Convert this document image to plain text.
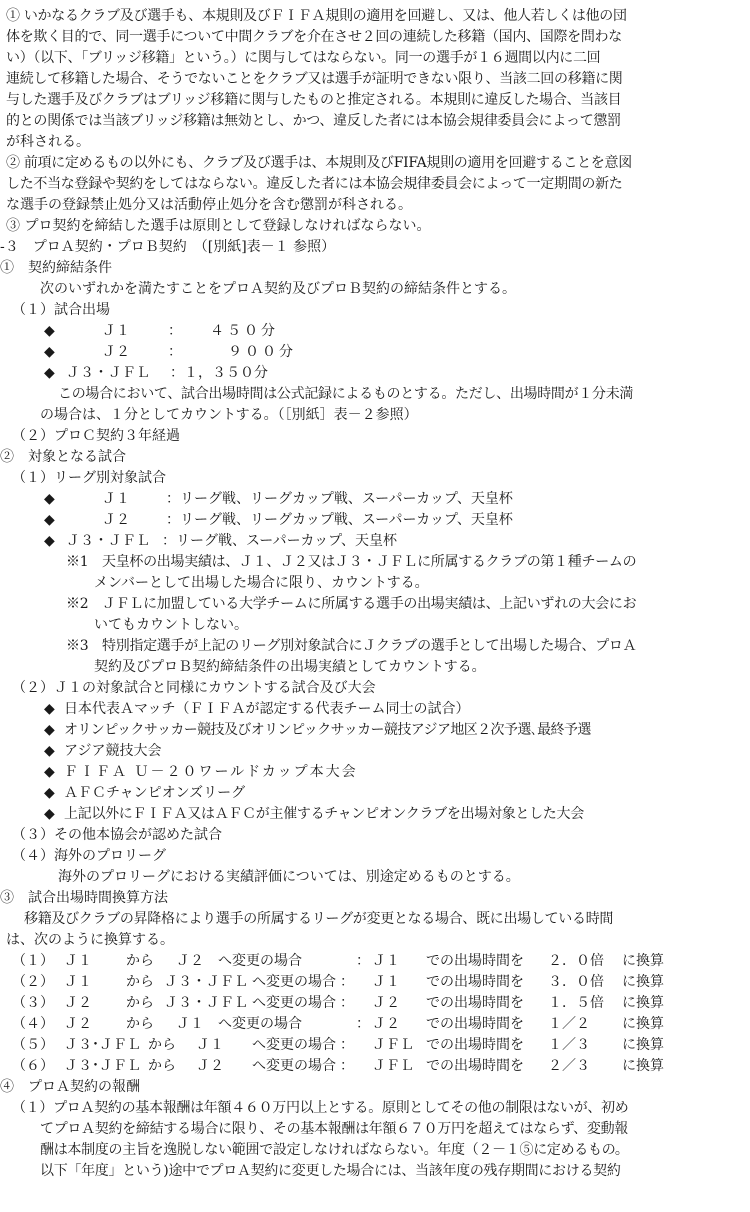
① いかなるクラブ及び選手も、本規則及びＦＩＦＡ規則の適用を回避し、又は、他人若しくは他の団
体を欺く目的で、同一選手について中間クラブを介在させ２回の連続した移籍（国内、国際を問わな
い）（以下、「ブリッジ移籍」という。）に関与してはならない。同一の選手が１６週間以内に二回
連続して移籍した場合、そうでないことをクラブ又は選手が証明できない限り、当該二回の移籍に関
与した選手及びクラブはブリッジ移籍に関与したものと推定される。本規則に違反した場合、当該目
的との関係では当該ブリッジ移籍は無効とし、かつ、違反した者には本協会規律委員会によって懲罰
が科される。
② 前項に定めるもの以外にも、クラブ及び選手は、本規則及びFIFA規則の適用を回避することを意図
した不当な登録や契約をしてはならない。違反した者には本協会規律委員会によって一定期間の新た
な選手の登録禁止処分又は活動停止処分を含む懲罰が科される。
③ プロ契約を締結した選手は原則として登録しなければならない。
-３　プロＡ契約・プロＢ契約　（[別紙]表－１ 参照）
①　契約締結条件
次のいずれかを満たすことをプロＡ契約及びプロＢ契約の締結条件とする。
（１）試合出場
◆	Ｊ１	： ４５０分
◆	Ｊ２	：	９００分
◆ Ｊ３・ＪＦＬ ： １，３５０分
この場合において、試合出場時間は公式記録によるものとする。ただし、出場時間が１分未満
の場合は、１分としてカウントする。（［別紙］表－２参照）
（２）プロＣ契約３年経過
②　対象となる試合
（１）リーグ別対象試合
◆	Ｊ１	：リーグ戦、リーグカップ戦、スーパーカップ、天皇杯
◆	Ｊ２	：リーグ戦、リーグカップ戦、スーパーカップ、天皇杯
◆ Ｊ３・ＪＦＬ ：リーグ戦、スーパーカップ、天皇杯
※1　天皇杯の出場実績は、Ｊ１、Ｊ２又はＪ３・ＪＦＬに所属するクラブの第１種チームの
メンバーとして出場した場合に限り、カウントする。
※2　ＪＦＬに加盟している大学チームに所属する選手の出場実績は、上記いずれの大会にお
いてもカウントしない。
※3　特別指定選手が上記のリーグ別対象試合にＪクラブの選手として出場した場合、プロＡ
契約及びプロＢ契約締結条件の出場実績としてカウントする。
（２）Ｊ１の対象試合と同様にカウントする試合及び大会
◆ 日本代表Ａマッチ（ＦＩＦＡが認定する代表チーム同士の試合）
◆ オリンピックサッカー競技及びオリンピックサッカー競技アジア地区２次予選､最終予選
◆ アジア競技大会
◆ ＦＩＦＡ Ｕ－２０ワールドカップ本大会
◆ ＡＦＣチャンピオンズリーグ
◆ 上記以外にＦＩＦＡ又はＡＦＣが主催するチャンピオンクラブを出場対象とした大会
（３）その他本協会が認めた試合
（４）海外のプロリーグ
海外のプロリーグにおける実績評価については、別途定めるものとする。
③　試合出場時間換算方法
移籍及びクラブの昇降格により選手の所属するリーグが変更となる場合、既に出場している時間
は、次のように換算する。
（１） Ｊ１ から Ｊ２ へ変更の場合	： Ｊ１ での出場時間を ２．０倍 に換算
（２） Ｊ１ から Ｊ３・ＪＦＬ へ変更の場合 ： Ｊ１ での出場時間を ３．０倍 に換算
（３） Ｊ２ から Ｊ３・ＪＦＬ へ変更の場合 ： Ｊ２ での出場時間を １．５倍 に換算
（４） Ｊ２ から Ｊ１ へ変更の場合	： Ｊ２ での出場時間を １／２ に換算
（５） Ｊ３･ＪＦＬ から Ｊ１ へ変更の場合 ： ＪＦＬ での出場時間を １／３ に換算
（６） Ｊ３･ＪＦＬ から Ｊ２ へ変更の場合 ： ＪＦＬ での出場時間を ２／３ に換算
④　プロＡ契約の報酬
（１）プロＡ契約の基本報酬は年額４６０万円以上とする。原則としてその他の制限はないが、初め
てプロＡ契約を締結する場合に限り、その基本報酬は年額６７０万円を超えてはならず、変動報
酬は本制度の主旨を逸脱しない範囲で設定しなければならない。年度（２－１⑤に定めるもの。
以下「年度」という)途中でプロＡ契約に変更した場合には、当該年度の残存期間における契約
